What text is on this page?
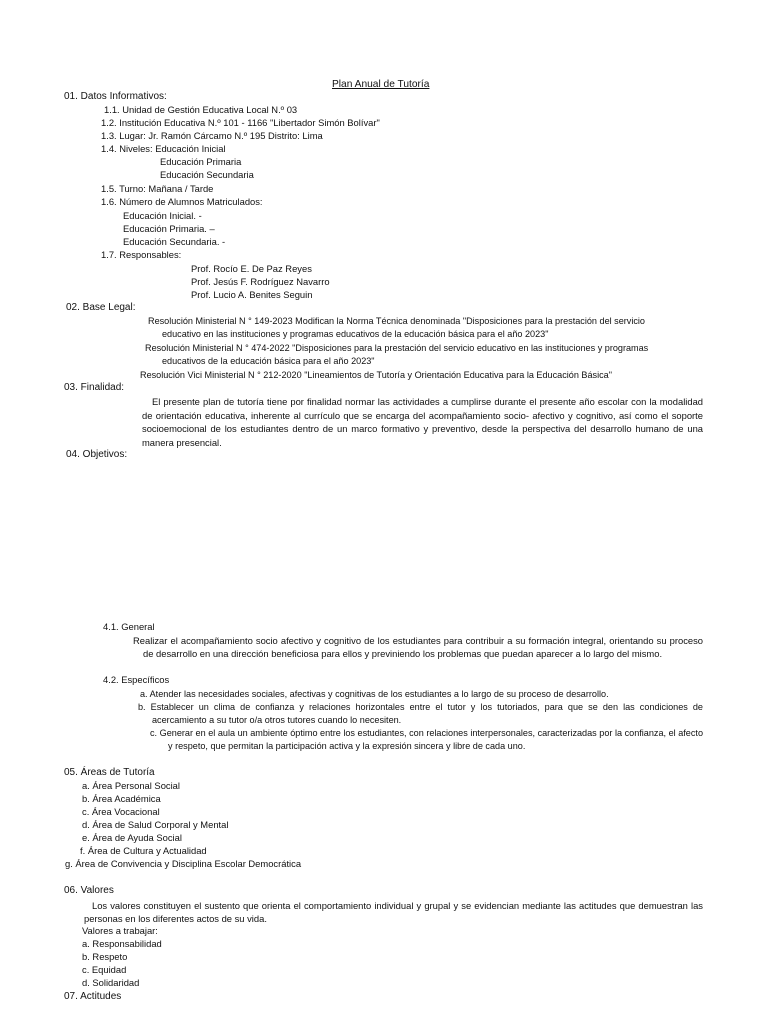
Plan Anual de Tutoría
01. Datos Informativos:
1.1. Unidad de Gestión Educativa Local N.º 03
1.2. Institución Educativa N.º 101 - 1166 "Libertador Simón Bolívar"
1.3. Lugar: Jr. Ramón Cárcamo N.º 195 Distrito: Lima
1.4. Niveles: Educación Inicial
Educación Primaria
Educación Secundaria
1.5. Turno: Mañana / Tarde
1.6. Número de Alumnos Matriculados:
Educación Inicial. -
Educación Primaria. –
Educación Secundaria. -
1.7. Responsables:
Prof. Rocío E. De Paz Reyes
Prof. Jesús F. Rodríguez Navarro
Prof. Lucio A. Benites Seguin
02. Base Legal:
Resolución Ministerial N ° 149-2023 Modifican la Norma Técnica denominada "Disposiciones para la prestación del servicio
educativo en las instituciones y programas educativos de la educación básica para el año 2023"
Resolución Ministerial N ° 474-2022 "Disposiciones para la prestación del servicio educativo en las instituciones y programas
educativos de la educación básica para el año 2023"
Resolución Vici Ministerial N ° 212-2020 "Lineamientos de Tutoría y Orientación Educativa para la Educación Básica"
03. Finalidad:
El presente plan de tutoría tiene por finalidad normar las actividades a cumplirse durante el presente año escolar con la modalidad de orientación educativa, inherente al currículo que se encarga del acompañamiento socio- afectivo y cognitivo, así como el soporte socioemocional de los estudiantes dentro de un marco formativo y preventivo, desde la perspectiva del desarrollo humano de una manera presencial.
04. Objetivos:
4.1. General
Realizar el acompañamiento socio afectivo y cognitivo de los estudiantes para contribuir a su formación integral, orientando su proceso de desarrollo en una dirección beneficiosa para ellos y previniendo los problemas que puedan aparecer a lo largo del mismo.
4.2. Específicos
a. Atender las necesidades sociales, afectivas y cognitivas de los estudiantes a lo largo de su proceso de desarrollo.
b. Establecer un clima de confianza y relaciones horizontales entre el tutor y los tutoriados, para que se den las condiciones de acercamiento a su tutor o/a otros tutores cuando lo necesiten.
c. Generar en el aula un ambiente óptimo entre los estudiantes, con relaciones interpersonales, caracterizadas por la confianza, el afecto y respeto, que permitan la participación activa y la expresión sincera y libre de cada uno.
05. Áreas de Tutoría
a. Área Personal Social
b. Área Académica
c. Área Vocacional
d. Área de Salud Corporal y Mental
e. Área de Ayuda Social
f. Área de Cultura y Actualidad
g. Área de Convivencia y Disciplina Escolar Democrática
06. Valores
Los valores constituyen el sustento que orienta el comportamiento individual y grupal y se evidencian mediante las actitudes que demuestran las personas en los diferentes actos de su vida.
Valores a trabajar:
a. Responsabilidad
b. Respeto
c. Equidad
d. Solidaridad
07. Actitudes
